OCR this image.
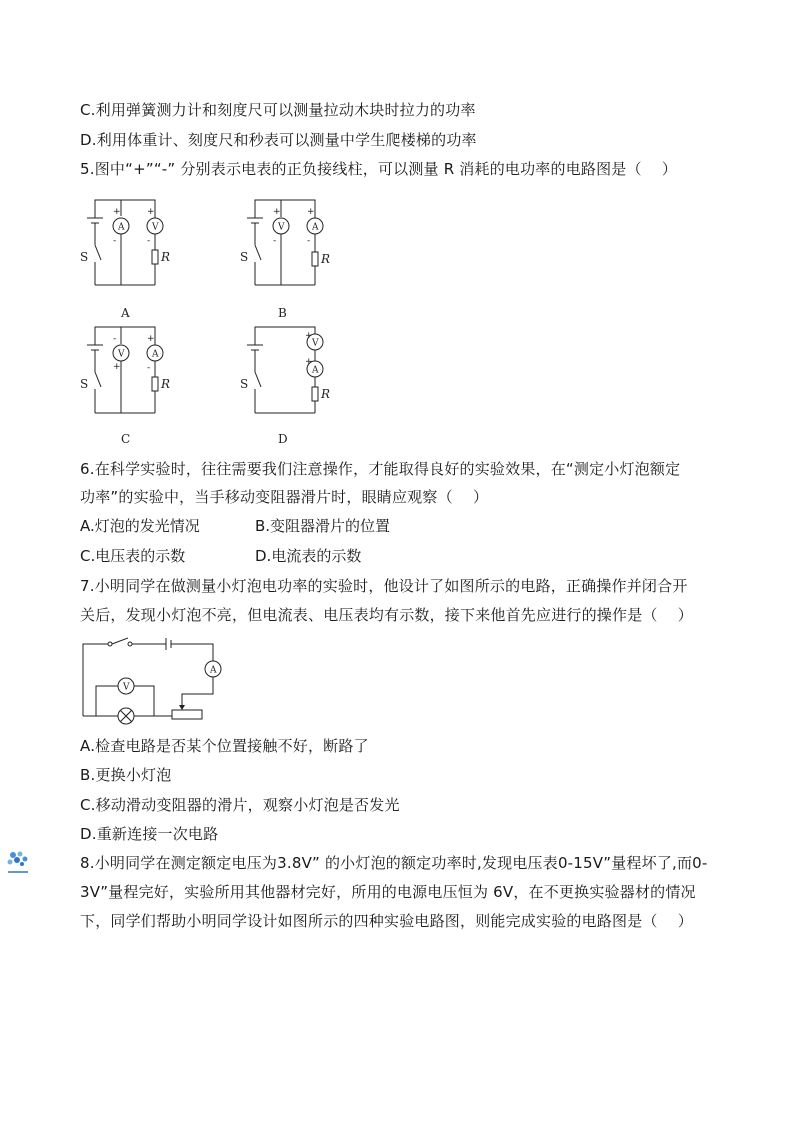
C.利用弹簧测力计和刻度尺可以测量拉动木块时拉力的功率
D.利用体重计、刻度尺和秒表可以测量中学生爬楼梯的功率
5.图中“+”“-” 分别表示电表的正负接线柱，可以测量 R 消耗的电功率的电路图是（　 ）
A
+
-
V
+
-
R
S
A
V
+
-
A
+
-
R
S
B
V
-
+
A
+
-
R
S
C
V
+
A
+
R
S
D
6.在科学实验时，往往需要我们注意操作，才能取得良好的实验效果，在“测定小灯泡额定
功率”的实验中，当手移动变阻器滑片时，眼睛应观察（　 ）
A.灯泡的发光情况	B.变阻器滑片的位置
C.电压表的示数	D.电流表的示数
7.小明同学在做测量小灯泡电功率的实验时，他设计了如图所示的电路，正确操作并闭合开
关后，发现小灯泡不亮，但电流表、电压表均有示数，接下来他首先应进行的操作是（　 ）
A
V
A.检查电路是否某个位置接触不好，断路了
B.更换小灯泡
C.移动滑动变阻器的滑片，观察小灯泡是否发光
D.重新连接一次电路
8.小明同学在测定额定电压为3.8V” 的小灯泡的额定功率时,发现电压表0-15V”量程坏了,而0-
3V”量程完好，实验所用其他器材完好，所用的电源电压恒为 6V，在不更换实验器材的情况
下，同学们帮助小明同学设计如图所示的四种实验电路图，则能完成实验的电路图是（　 ）
